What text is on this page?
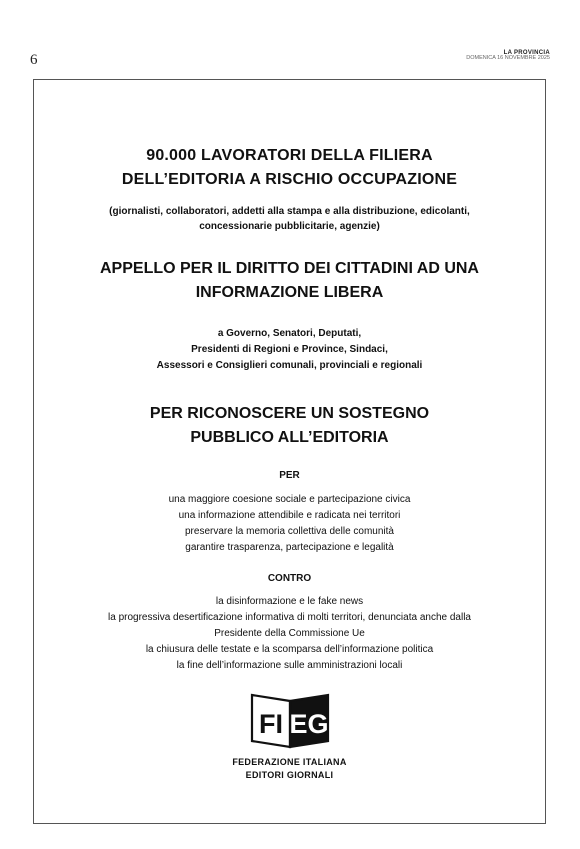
6	LA PROVINCIA
DOMENICA 16 NOVEMBRE 2025
90.000 LAVORATORI DELLA FILIERA
DELL’EDITORIA A RISCHIO OCCUPAZIONE
(giornalisti, collaboratori, addetti alla stampa e alla distribuzione, edicolanti,
concessionarie pubblicitarie, agenzie)
APPELLO PER IL DIRITTO DEI CITTADINI AD UNA
INFORMAZIONE LIBERA
a Governo, Senatori, Deputati,
Presidenti di Regioni e Province, Sindaci,
Assessori e Consiglieri comunali, provinciali e regionali
PER RICONOSCERE UN SOSTEGNO
PUBBLICO ALL’EDITORIA
PER
una maggiore coesione sociale e partecipazione civica
una informazione attendibile e radicata nei territori
preservare la memoria collettiva delle comunità
garantire trasparenza, partecipazione e legalità
CONTRO
la disinformazione e le fake news
la progressiva desertificazione informativa di molti territori, denunciata anche dalla
Presidente della Commissione Ue
la chiusura delle testate e la scomparsa dell’informazione politica
la fine dell’informazione sulle amministrazioni locali
FI EG
FEDERAZIONE ITALIANA
EDITORI GIORNALI
